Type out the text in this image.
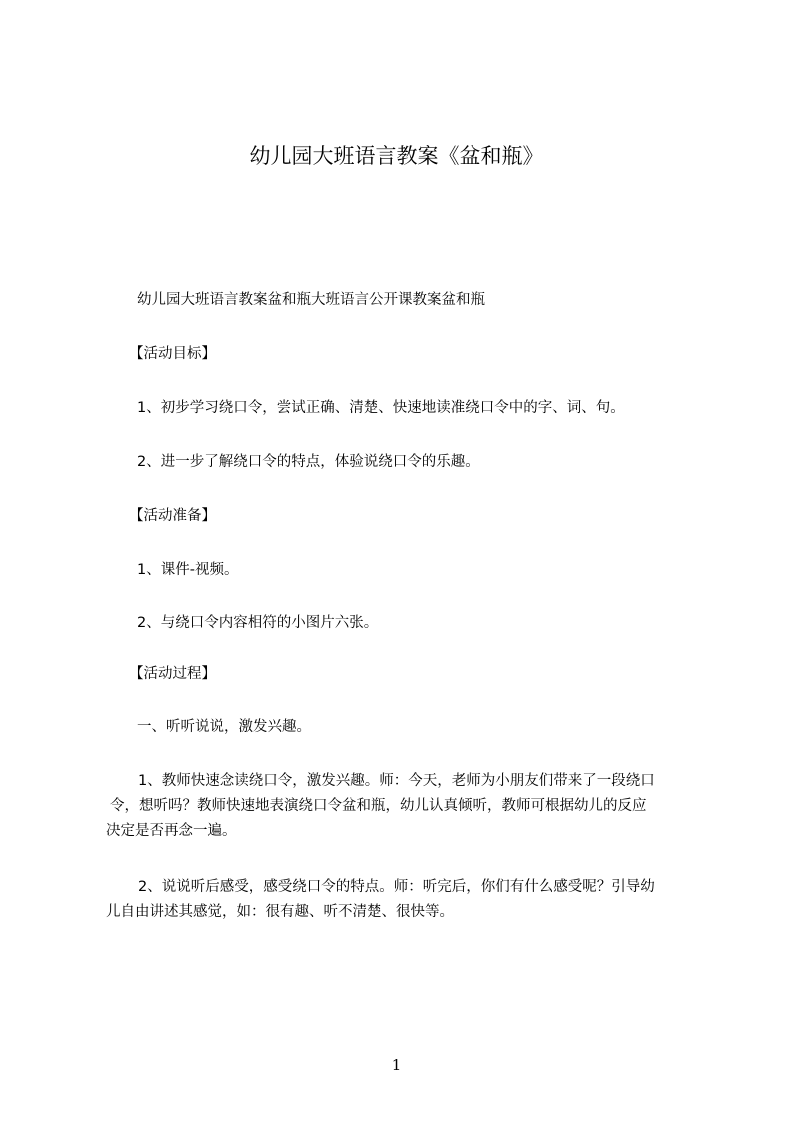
幼儿园大班语言教案《盆和瓶》
幼儿园大班语言教案盆和瓶大班语言公开课教案盆和瓶
【活动目标】
1、初步学习绕口令，尝试正确、清楚、快速地读准绕口令中的字、词、句。
2、进一步了解绕口令的特点，体验说绕口令的乐趣。
【活动准备】
1、课件-视频。
2、与绕口令内容相符的小图片六张。
【活动过程】
一、听听说说，激发兴趣。
1、教师快速念读绕口令，激发兴趣。师：今天，老师为小朋友们带来了一段绕口
令，想听吗？教师快速地表演绕口令盆和瓶，幼儿认真倾听，教师可根据幼儿的反应
决定是否再念一遍。
2、说说听后感受，感受绕口令的特点。师：听完后，你们有什么感受呢？引导幼
儿自由讲述其感觉，如：很有趣、听不清楚、很快等。
1
